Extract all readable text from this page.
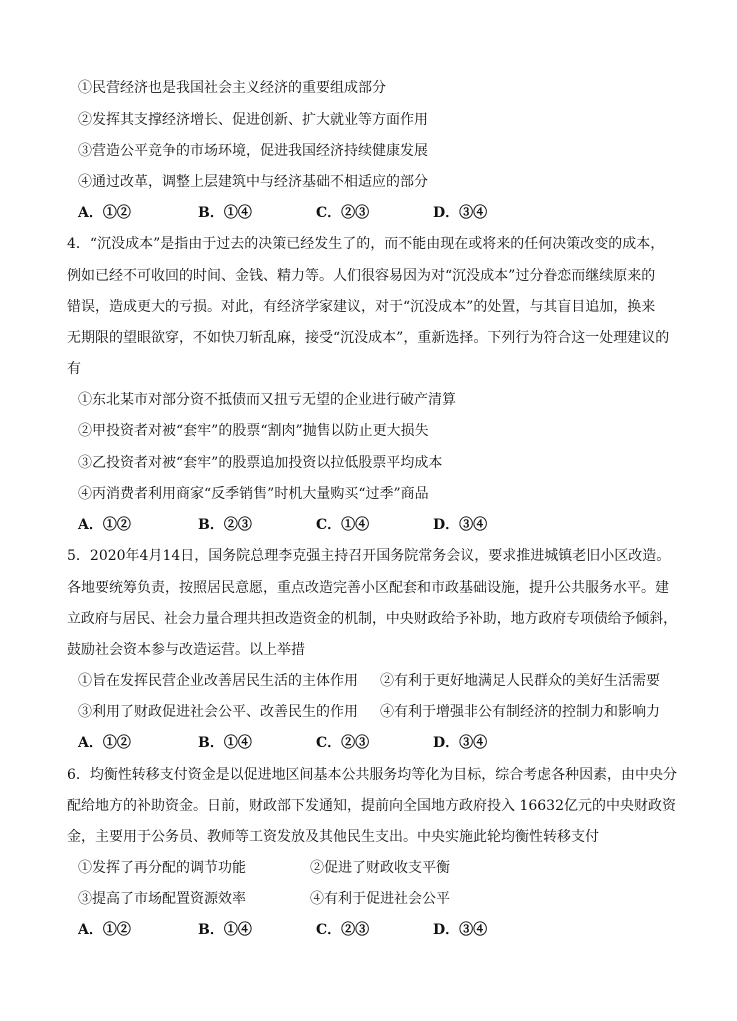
①民营经济也是我国社会主义经济的重要组成部分
②发挥其支撑经济增长、促进创新、扩大就业等方面作用
③营造公平竞争的市场环境，促进我国经济持续健康发展
④通过改革，调整上层建筑中与经济基础不相适应的部分
A．①②	B．①④	C．②③	D．③④
4．“沉没成本”是指由于过去的决策已经发生了的，而不能由现在或将来的任何决策改变的成本，
例如已经不可收回的时间、金钱、精力等。人们很容易因为对“沉没成本”过分眷恋而继续原来的
错误，造成更大的亏损。对此，有经济学家建议，对于“沉没成本”的处置，与其盲目追加，换来
无期限的望眼欲穿，不如快刀斩乱麻，接受“沉没成本”，重新选择。下列行为符合这一处理建议的
有
①东北某市对部分资不抵债而又扭亏无望的企业进行破产清算
②甲投资者对被“套牢”的股票“割肉”抛售以防止更大损失
③乙投资者对被“套牢”的股票追加投资以拉低股票平均成本
④丙消费者利用商家“反季销售”时机大量购买“过季”商品
A．①②	B．②③	C．①④	D．③④
5．2020年4月14日，国务院总理李克强主持召开国务院常务会议，要求推进城镇老旧小区改造。
各地要统筹负责，按照居民意愿，重点改造完善小区配套和市政基础设施，提升公共服务水平。建
立政府与居民、社会力量合理共担改造资金的机制，中央财政给予补助，地方政府专项债给予倾斜，
鼓励社会资本参与改造运营。以上举措
①旨在发挥民营企业改善居民生活的主体作用 ②有利于更好地满足人民群众的美好生活需要
③利用了财政促进社会公平、改善民生的作用 ④有利于增强非公有制经济的控制力和影响力
A．①②	B．①④	C．②③	D．③④
6．均衡性转移支付资金是以促进地区间基本公共服务均等化为目标，综合考虑各种因素，由中央分
配给地方的补助资金。日前，财政部下发通知，提前向全国地方政府投入 16632亿元的中央财政资
金，主要用于公务员、教师等工资发放及其他民生支出。中央实施此轮均衡性转移支付
①发挥了再分配的调节功能	②促进了财政收支平衡
③提高了市场配置资源效率	④有利于促进社会公平
A．①②	B．①④	C．②③	D．③④
